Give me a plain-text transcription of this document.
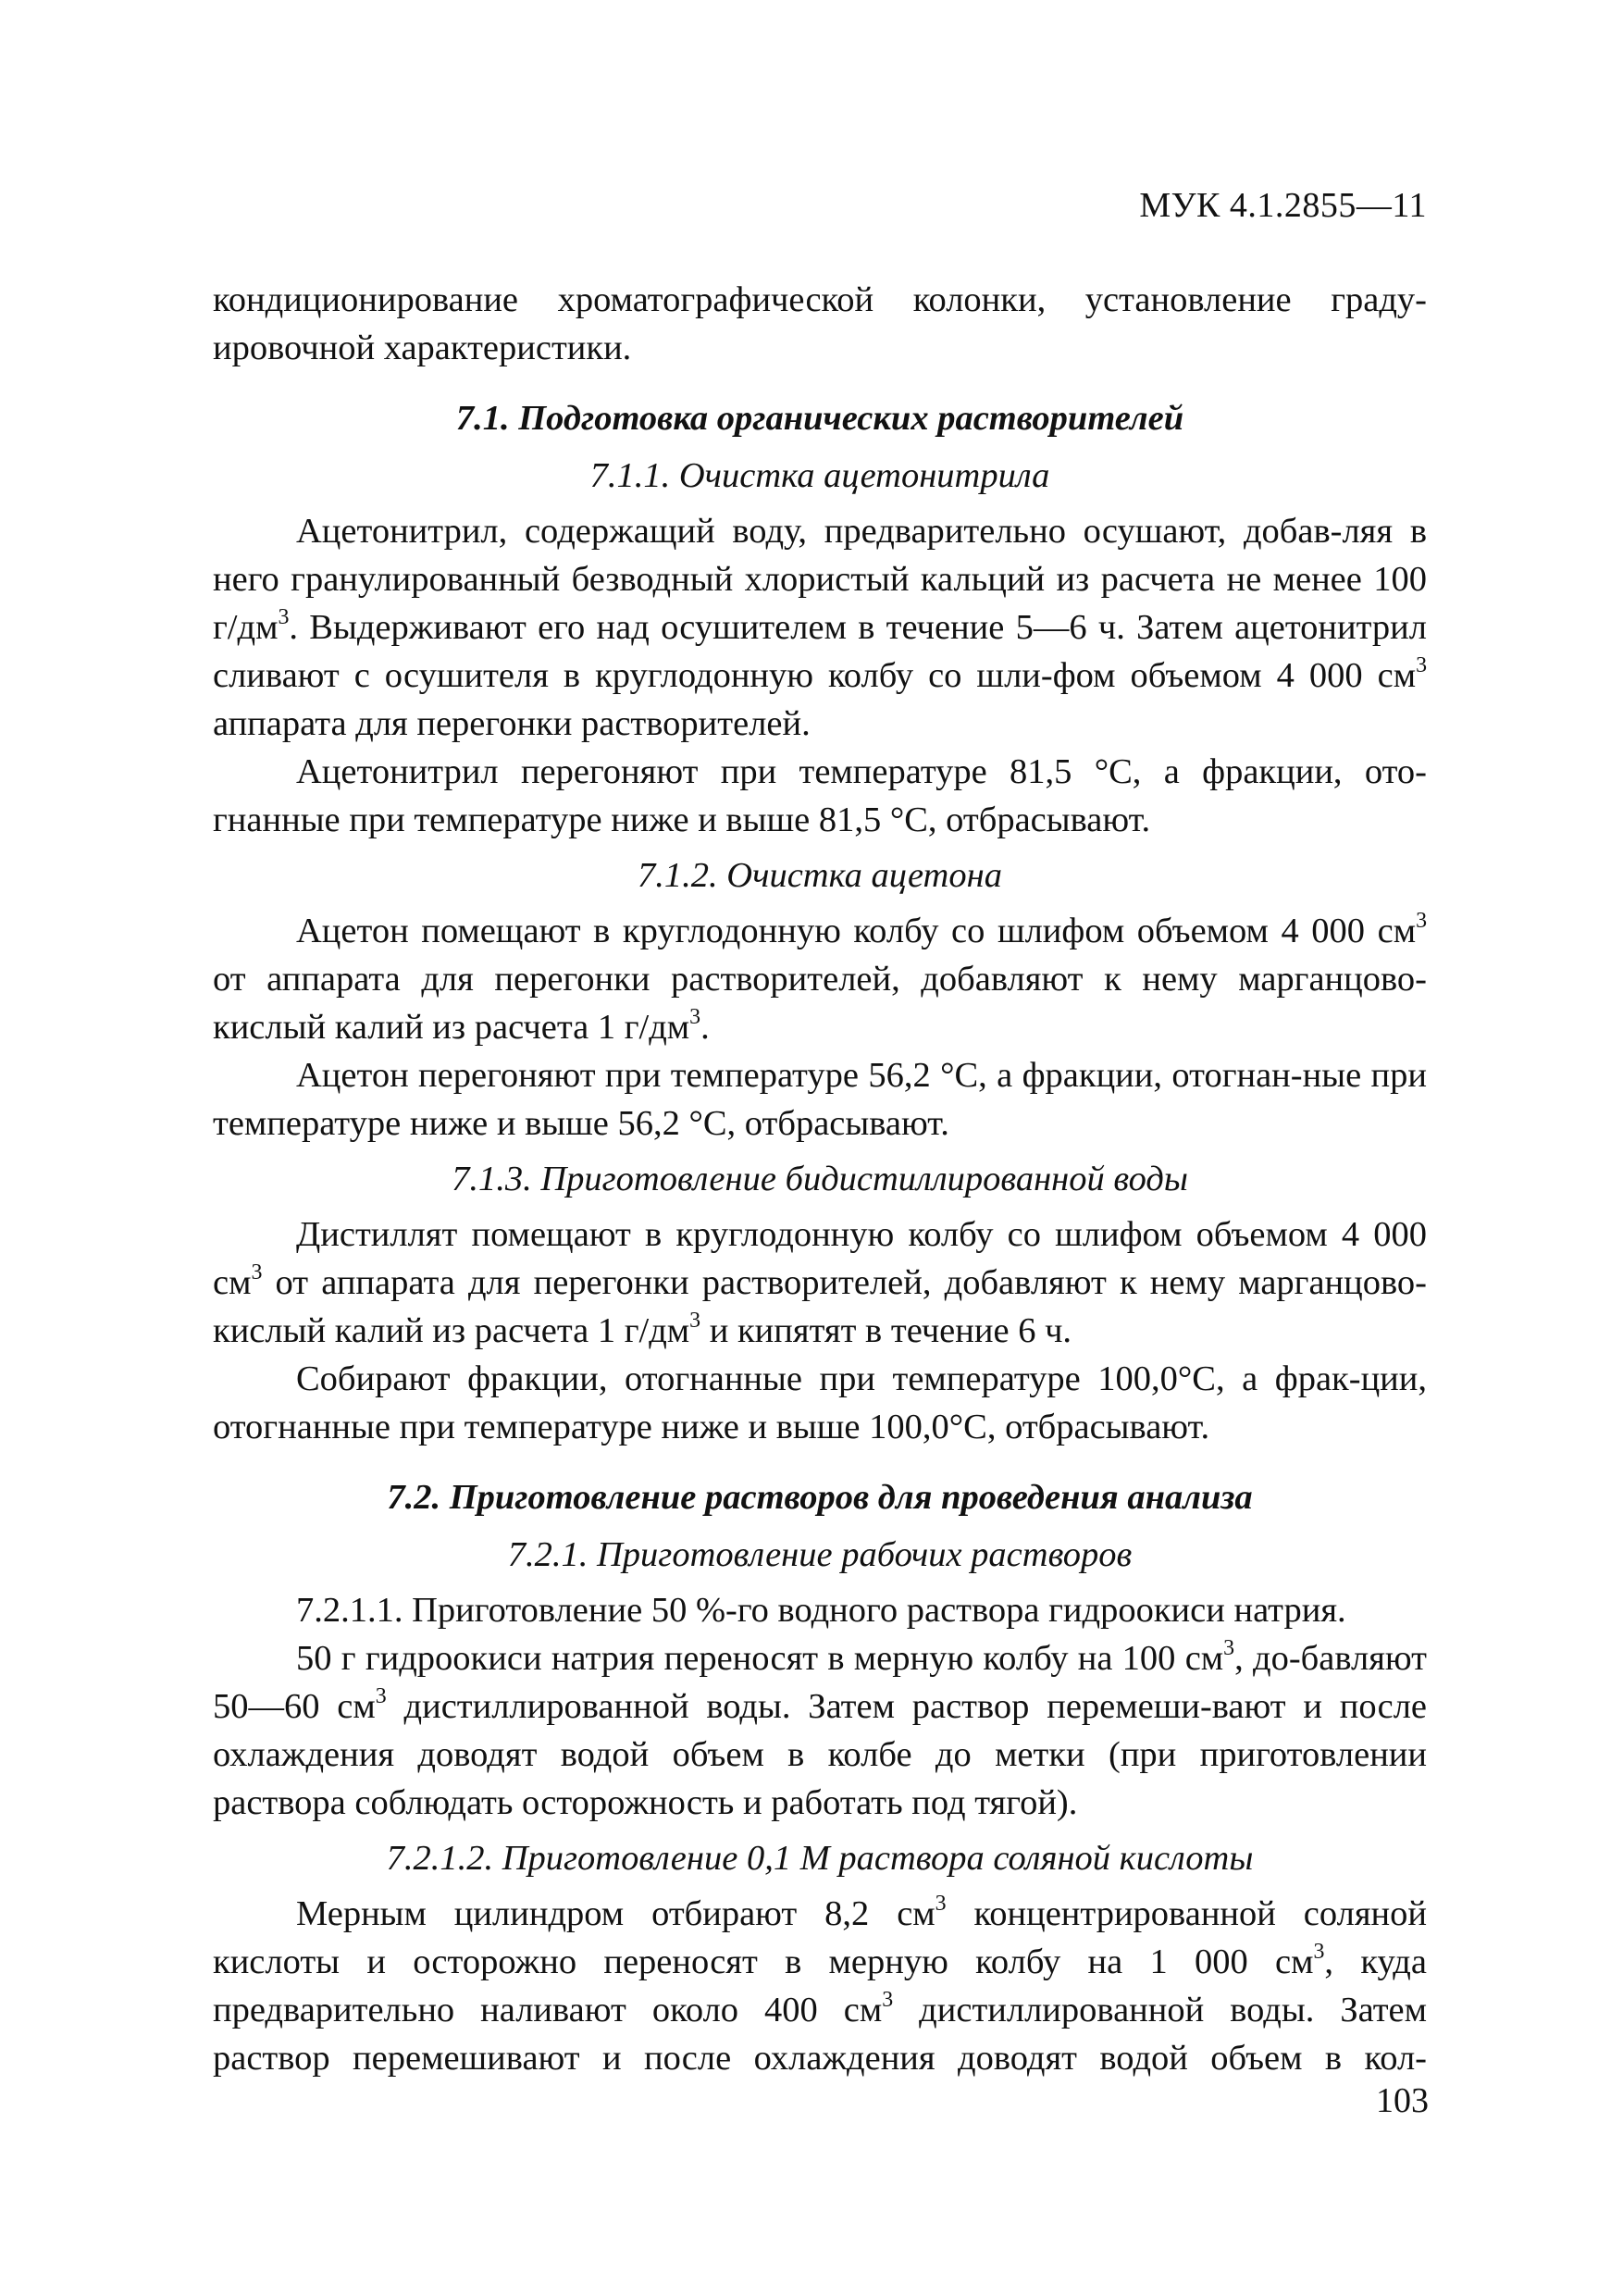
МУК 4.1.2855—11

кондиционирование хроматографической колонки, установление граду-ировочной характеристики.

7.1. Подготовка органических растворителей
7.1.1. Очистка ацетонитрила

Ацетонитрил, содержащий воду, предварительно осушают, добав-ляя в него гранулированный безводный хлористый кальций из расчета не менее 100 $г/дм^3$. Выдерживают его над осушителем в течение 5—6 ч. Затем ацетонитрил сливают с осушителя в круглодонную колбу со шли-фом объемом 4 000 $см^3$ аппарата для перегонки растворителей.

Ацетонитрил перегоняют при температуре 81,5 °С, а фракции, ото-гнанные при температуре ниже и выше 81,5 °С, отбрасывают.

7.1.2. Очистка ацетона

Ацетон помещают в круглодонную колбу со шлифом объемом 4 000 $см^3$ от аппарата для перегонки растворителей, добавляют к нему марганцово-кислый калий из расчета 1 $г/дм^3$.

Ацетон перегоняют при температуре 56,2 °С, а фракции, отогнан-ные при температуре ниже и выше 56,2 °С, отбрасывают.

7.1.3. Приготовление бидистиллированной воды

Дистиллят помещают в круглодонную колбу со шлифом объемом 4 000 $см^3$ от аппарата для перегонки растворителей, добавляют к нему марганцово-кислый калий из расчета 1 $г/дм^3$ и кипятят в течение 6 ч.

Собирают фракции, отогнанные при температуре 100,0°С, а фрак-ции, отогнанные при температуре ниже и выше 100,0°С, отбрасывают.

7.2. Приготовление растворов для проведения анализа
7.2.1. Приготовление рабочих растворов

7.2.1.1. Приготовление 50 %-го водного раствора гидроокиси натрия.

50 г гидроокиси натрия переносят в мерную колбу на 100 $см^3$, до-бавляют 50—60 $см^3$ дистиллированной воды. Затем раствор перемеши-вают и после охлаждения доводят водой объем в колбе до метки (при приготовлении раствора соблюдать осторожность и работать под тягой).

7.2.1.2. Приготовление 0,1 М раствора соляной кислоты

Мерным цилиндром отбирают 8,2 $см^3$ концентрированной соляной кислоты и осторожно переносят в мерную колбу на 1 000 $см^3$, куда предварительно наливают около 400 $см^3$ дистиллированной воды. Затем раствор перемешивают и после охлаждения доводят водой объем в кол-

103
